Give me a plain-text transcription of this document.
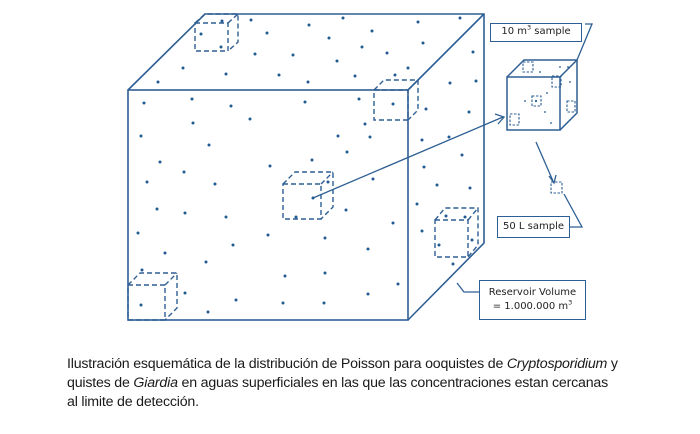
10 $m^3$ sample
50 L sample
Reservoir Volume
= 1.000.000 $m^3$
Ilustración esquemática de la distribución de Poisson para ooquistes de Cryptosporidium y
quistes de Giardia en aguas superficiales en las que las concentraciones estan cercanas
al limite de detección.
